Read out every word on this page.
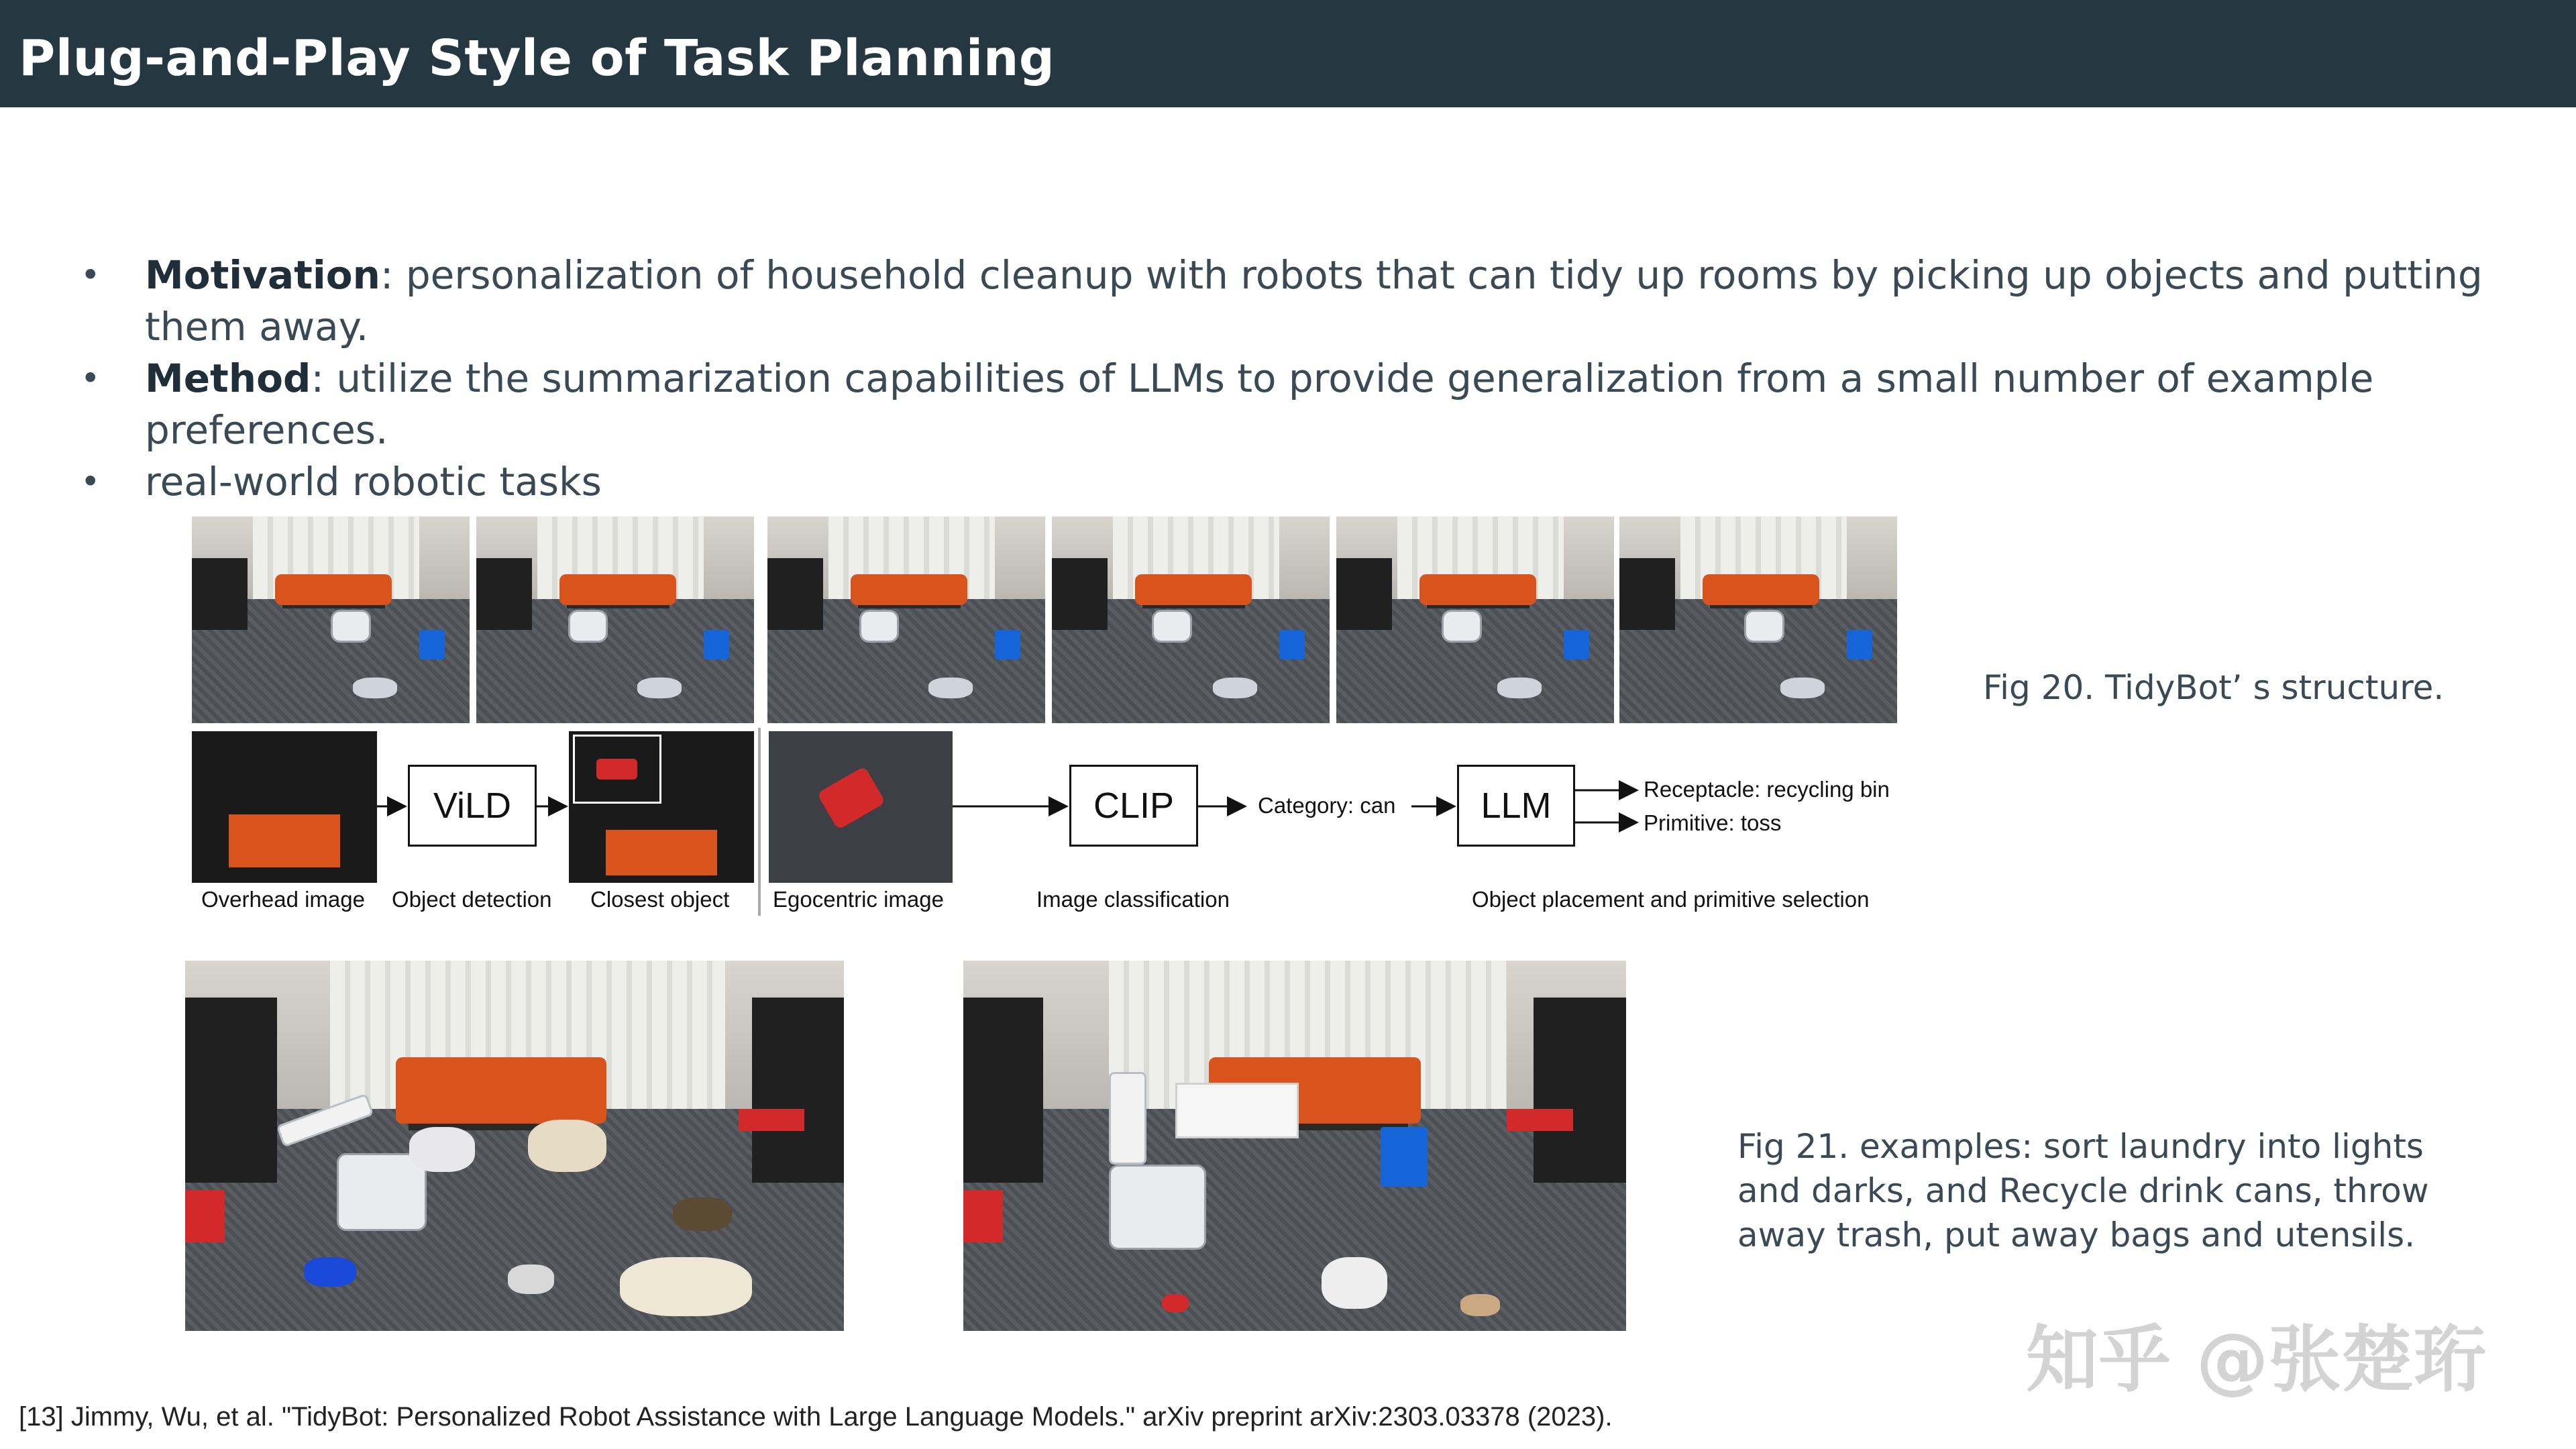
Plug-and-Play Style of Task Planning
• Motivation: personalization of household cleanup with robots that can tidy up rooms by picking up objects and putting them away.
• Method: utilize the summarization capabilities of LLMs to provide generalization from a small number of example preferences.
• real-world robotic tasks
ViLD	CLIP	LLM
Category: can
Receptacle: recycling bin
Primitive: toss
Overhead image Object detection Closest object Egocentric image	Image classification	Object placement and primitive selection
Fig 20. TidyBot’ s structure.
Fig 21. examples: sort laundry into lights and darks, and Recycle drink cans, throw away trash, put away bags and utensils.
知乎 @张楚珩
[13] Jimmy, Wu, et al. "TidyBot: Personalized Robot Assistance with Large Language Models." arXiv preprint arXiv:2303.03378 (2023).
